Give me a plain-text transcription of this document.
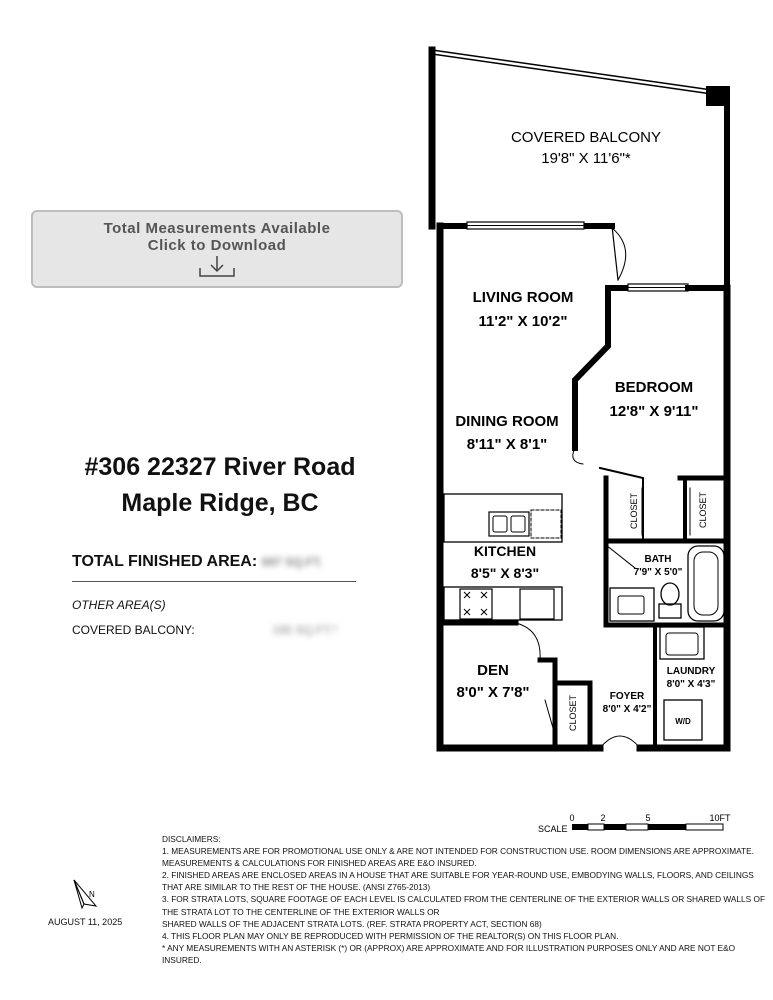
Total Measurements Available
Click to Download
#306 22327 River Road
Maple Ridge, BC
TOTAL FINISHED AREA: 687 SQ.FT.
OTHER AREA(S)
COVERED BALCONY:	195 SQ.FT.*
COVERED BALCONY
19'8" X 11'6"*
LIVING ROOM
11'2" X 10'2"
BEDROOM
12'8" X 9'11"
DINING ROOM
8'11" X 8'1"
KITCHEN
8'5" X 8'3"
BATH
7'9" X 5'0"
DEN
8'0" X 7'8"
LAUNDRY
8'0" X 4'3"
FOYER
8'0" X 4'2"
W/D
CLOSET	CLOSET
CLOSET
SCALE
0	2	5	10FT
N
AUGUST 11, 2025
DISCLAIMERS:
1. MEASUREMENTS ARE FOR PROMOTIONAL USE ONLY & ARE NOT INTENDED FOR CONSTRUCTION USE. ROOM DIMENSIONS ARE APPROXIMATE.
MEASUREMENTS & CALCULATIONS FOR FINISHED AREAS ARE E&O INSURED.
2. FINISHED AREAS ARE ENCLOSED AREAS IN A HOUSE THAT ARE SUITABLE FOR YEAR-ROUND USE, EMBODYING WALLS, FLOORS, AND CEILINGS
THAT ARE SIMILAR TO THE REST OF THE HOUSE. (ANSI Z765-2013)
3. FOR STRATA LOTS, SQUARE FOOTAGE OF EACH LEVEL IS CALCULATED FROM THE CENTERLINE OF THE EXTERIOR WALLS OR SHARED WALLS OF
THE STRATA LOT TO THE CENTERLINE OF THE EXTERIOR WALLS OR
SHARED WALLS OF THE ADJACENT STRATA LOTS. (REF. STRATA PROPERTY ACT, SECTION 68)
4. THIS FLOOR PLAN MAY ONLY BE REPRODUCED WITH PERMISSION OF THE REALTOR(S) ON THIS FLOOR PLAN.
* ANY MEASUREMENTS WITH AN ASTERISK (*) OR (APPROX) ARE APPROXIMATE AND FOR ILLUSTRATION PURPOSES ONLY AND ARE NOT E&O
INSURED.
